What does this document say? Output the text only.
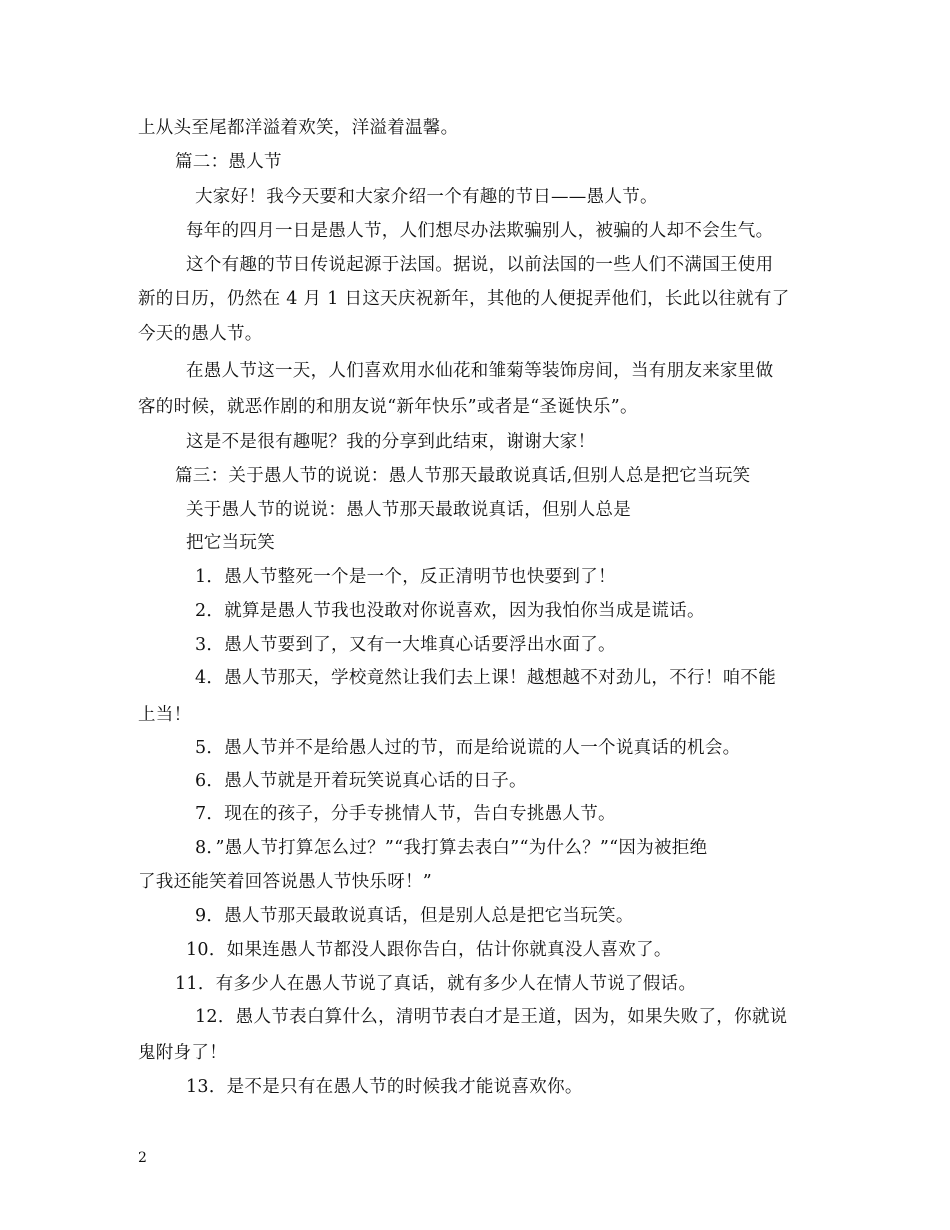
上从头至尾都洋溢着欢笑，洋溢着温馨。
篇二：愚人节
大家好！我今天要和大家介绍一个有趣的节日——愚人节。
每年的四月一日是愚人节，人们想尽办法欺骗别人，被骗的人却不会生气。
这个有趣的节日传说起源于法国。据说，以前法国的一些人们不满国王使用
新的日历，仍然在 4 月 1 日这天庆祝新年，其他的人便捉弄他们，长此以往就有了
今天的愚人节。
在愚人节这一天，人们喜欢用水仙花和雏菊等装饰房间，当有朋友来家里做
客的时候，就恶作剧的和朋友说“新年快乐”或者是“圣诞快乐”。
这是不是很有趣呢？我的分享到此结束，谢谢大家！
篇三：关于愚人节的说说：愚人节那天最敢说真话,但别人总是把它当玩笑
关于愚人节的说说：愚人节那天最敢说真话，但别人总是
把它当玩笑
1．愚人节整死一个是一个，反正清明节也快要到了！
2．就算是愚人节我也没敢对你说喜欢，因为我怕你当成是谎话。
3．愚人节要到了，又有一大堆真心话要浮出水面了。
4．愚人节那天，学校竟然让我们去上课！越想越不对劲儿，不行！咱不能
上当！
5．愚人节并不是给愚人过的节，而是给说谎的人一个说真话的机会。
6．愚人节就是开着玩笑说真心话的日子。
7．现在的孩子，分手专挑情人节，告白专挑愚人节。
8．”愚人节打算怎么过？”“我打算去表白”“为什么？”“因为被拒绝
了我还能笑着回答说愚人节快乐呀！”
9．愚人节那天最敢说真话，但是别人总是把它当玩笑。
10．如果连愚人节都没人跟你告白，估计你就真没人喜欢了。
11．有多少人在愚人节说了真话，就有多少人在情人节说了假话。
12．愚人节表白算什么，清明节表白才是王道，因为，如果失败了，你就说
鬼附身了！
13．是不是只有在愚人节的时候我才能说喜欢你。
2
